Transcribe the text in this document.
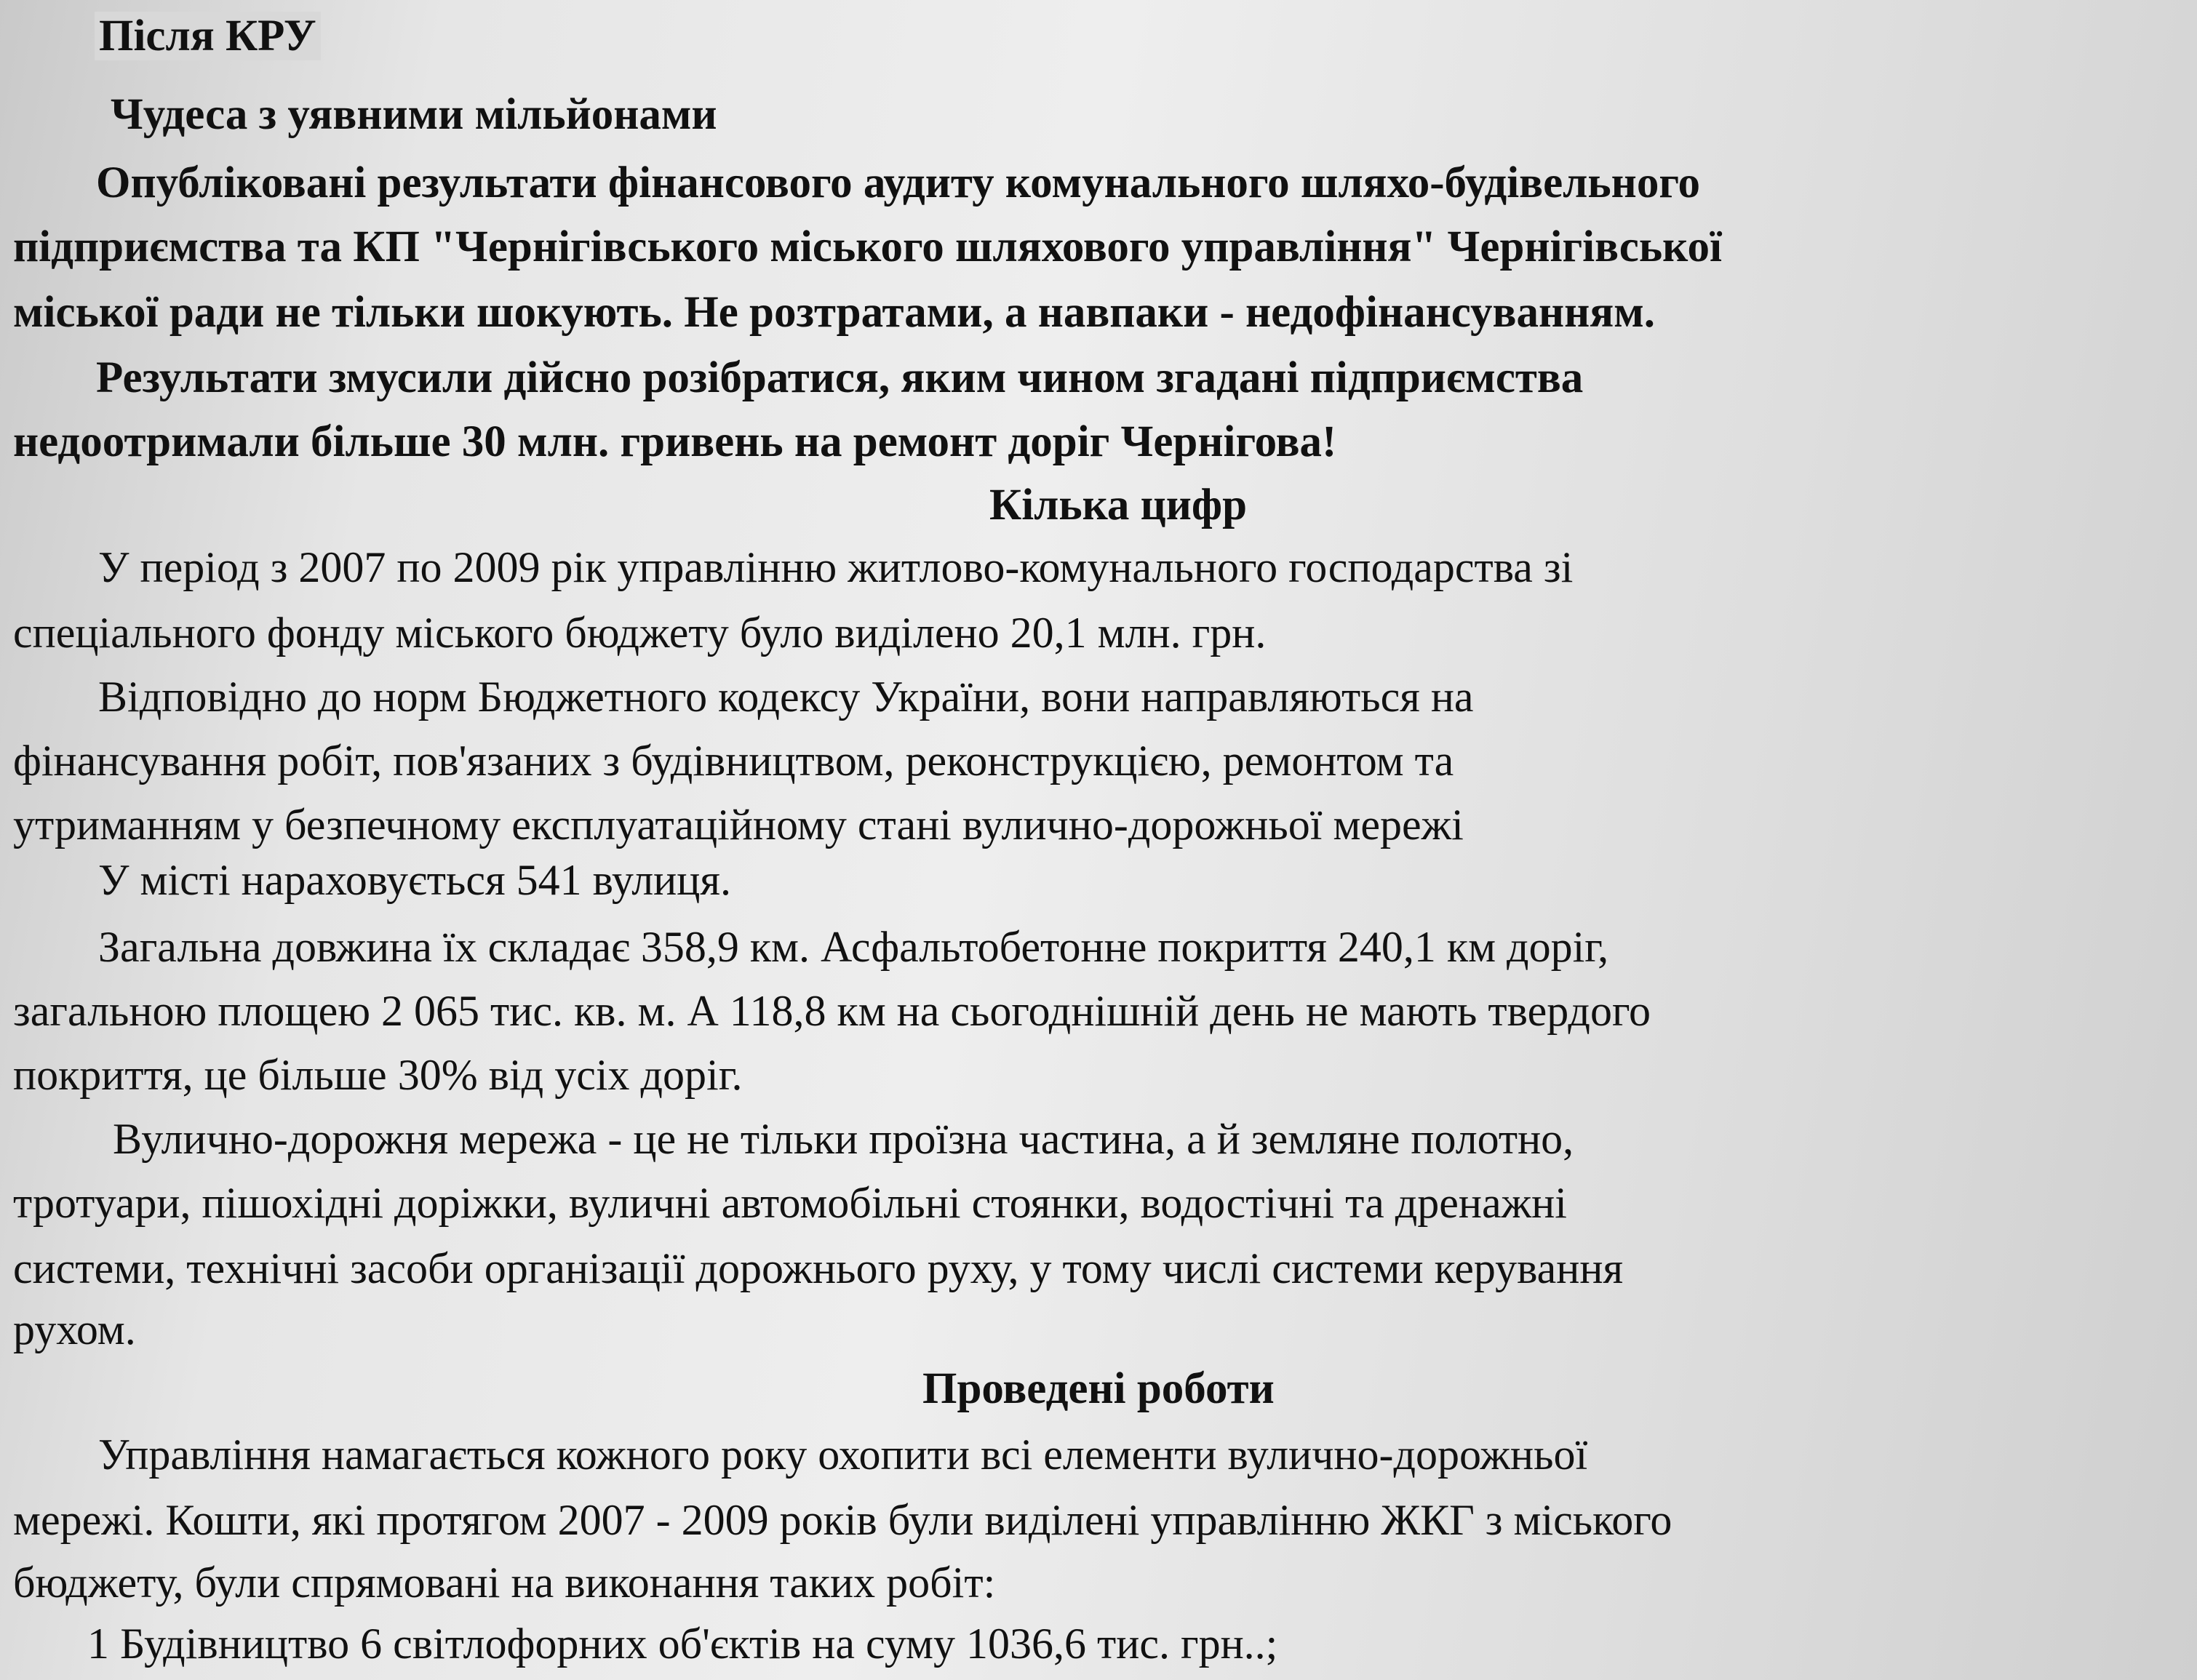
Після КРУ
Чудеса з уявними мільйонами
Опубліковані результати фінансового аудиту комунального шляхо-будівельного
підприємства та КП "Чернігівського міського шляхового управління" Чернігівської
міської ради не тільки шокують. Не розтратами, а навпаки - недофінансуванням.
Результати змусили дійсно розібратися, яким чином згадані підприємства
недоотримали більше 30 млн. гривень на ремонт доріг Чернігова!
Кілька цифр
У період з 2007 по 2009 рік управлінню житлово-комунального господарства зі
спеціального фонду міського бюджету було виділено 20,1 млн. грн.
Відповідно до норм Бюджетного кодексу України, вони направляються на
фінансування робіт, пов'язаних з будівництвом, реконструкцією, ремонтом та
утриманням у безпечному експлуатаційному стані вулично-дорожньої мережі
У місті нараховується 541 вулиця.
Загальна довжина їх складає 358,9 км. Асфальтобетонне покриття 240,1 км доріг,
загальною площею 2 065 тис. кв. м. А 118,8 км на сьогоднішній день не мають твердого
покриття, це більше 30% від усіх доріг.
Вулично-дорожня мережа - це не тільки проїзна частина, а й земляне полотно,
тротуари, пішохідні доріжки, вуличні автомобільні стоянки, водостічні та дренажні
системи, технічні засоби організації дорожнього руху, у тому числі системи керування
рухом.
Проведені роботи
Управління намагається кожного року охопити всі елементи вулично-дорожньої
мережі. Кошти, які протягом 2007 - 2009 років були виділені управлінню ЖКГ з міського
бюджету, були спрямовані на виконання таких робіт:
1 Будівництво 6 світлофорних об'єктів на суму 1036,6 тис. грн..;
